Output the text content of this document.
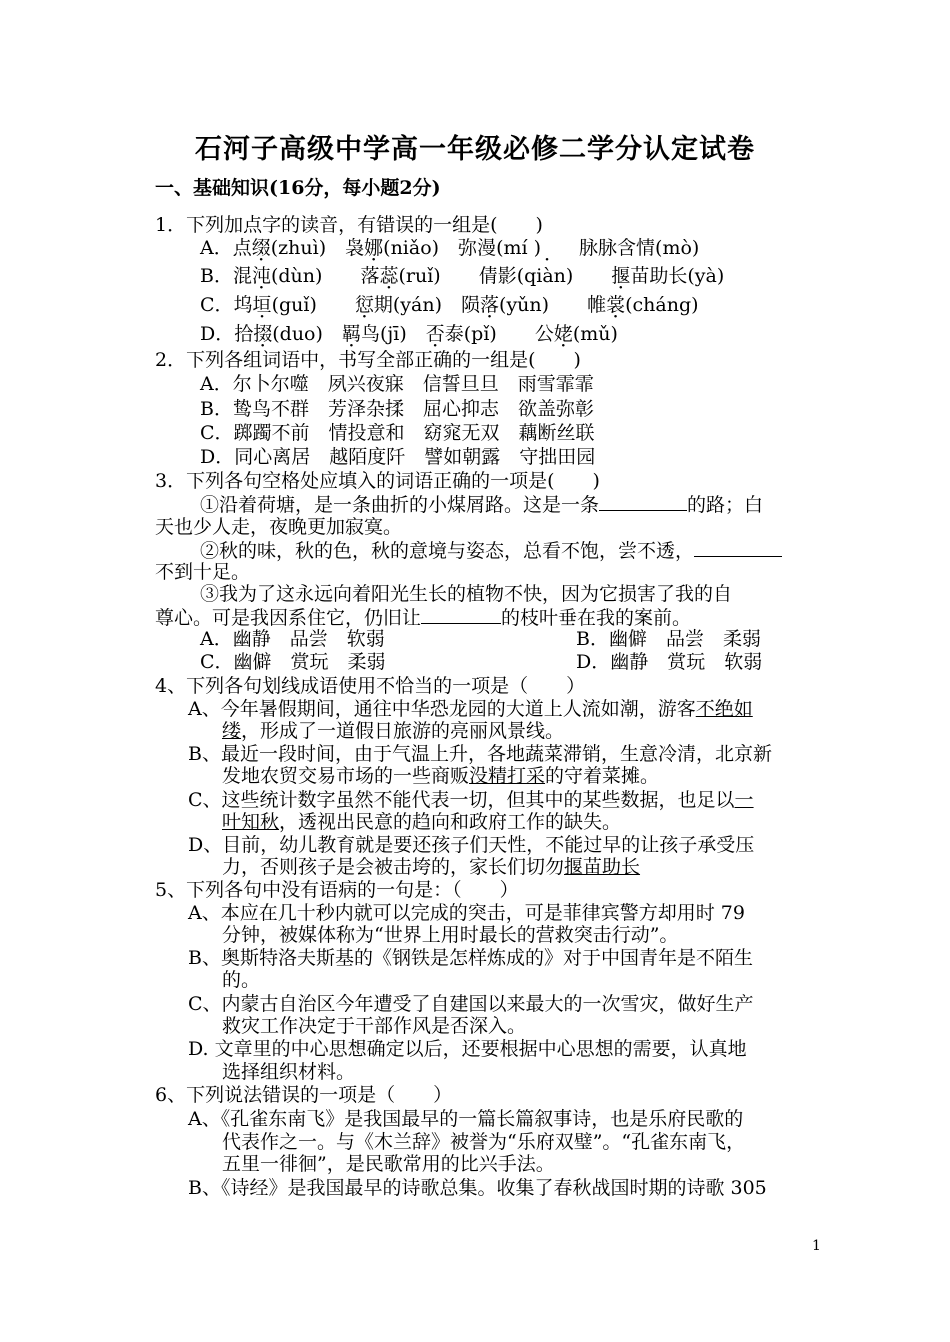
石河子高级中学高一年级必修二学分认定试卷
一、基础知识(16分，每小题2分)
1．下列加点字的读音，有错误的一组是(　　)
A．点缀(zhuì)　袅娜(niǎo)　弥漫(mí )　　脉 ·脉含情(mò)
B．混沌(dùn)　　落蕊(ruǐ)　　倩影(qiàn)　　揠苗助长(yà)
C．坞垣(guǐ)　　愆期(yán)　陨落(yǔn)　　帷裳(cháng)
D．拾掇(duo)　羁鸟(jī)　否泰(pǐ)　　公姥(mǔ)
2．下列各组词语中，书写全部正确的一组是(　　)
A．尔卜尔噬　夙兴夜寐　信誓旦旦　雨雪霏霏
B．鸷鸟不群　芳泽杂揉　屈心抑志　欲盖弥彰
C．踯躅不前　情投意和　窈窕无双　藕断丝联
D．同心离居　越陌度阡　譬如朝露　守拙田园
3．下列各句空格处应填入的词语正确的一项是(　　)
①沿着荷塘，是一条曲折的小煤屑路。这是一条	的路；白
天也少人走，夜晚更加寂寞。
②秋的味，秋的色，秋的意境与姿态，总看不饱，尝不透，
不到十足。
③我为了这永远向着阳光生长的植物不快，因为它损害了我的自
尊心。可是我因系住它，仍旧让	的枝叶垂在我的案前。
A．幽静　品尝　软弱	B．幽僻　品尝　柔弱
C．幽僻　赏玩　柔弱	D．幽静　赏玩　软弱
4、下列各句划线成语使用不恰当的一项是（　　）
A、今年暑假期间，通往中华恐龙园的大道上人流如潮，游客不绝如
缕，形成了一道假日旅游的亮丽风景线。
B、最近一段时间，由于气温上升，各地蔬菜滞销，生意冷清，北京新
发地农贸交易市场的一些商贩没精打采的守着菜摊。
C、这些统计数字虽然不能代表一切，但其中的某些数据，也足以一
叶知秋，透视出民意的趋向和政府工作的缺失。
D、目前，幼儿教育就是要还孩子们天性，不能过早的让孩子承受压
力，否则孩子是会被击垮的，家长们切勿揠苗助长
5、下列各句中没有语病的一句是：（　　）
A、本应在几十秒内就可以完成的突击，可是菲律宾警方却用时 79
分钟，被媒体称为“世界上用时最长的营救突击行动”。
B、奥斯特洛夫斯基的《钢铁是怎样炼成的》对于中国青年是不陌生
的。
C、内蒙古自治区今年遭受了自建国以来最大的一次雪灾，做好生产
救灾工作决定于干部作风是否深入。
D. 文章里的中心思想确定以后，还要根据中心思想的需要，认真地
选择组织材料。
6、下列说法错误的一项是（　　）
A、《孔雀东南飞》是我国最早的一篇长篇叙事诗，也是乐府民歌的
代表作之一。与《木兰辞》被誉为“乐府双璧”。“孔雀东南飞，
五里一徘徊”，是民歌常用的比兴手法。
B、《诗经》是我国最早的诗歌总集。收集了春秋战国时期的诗歌 305
1
